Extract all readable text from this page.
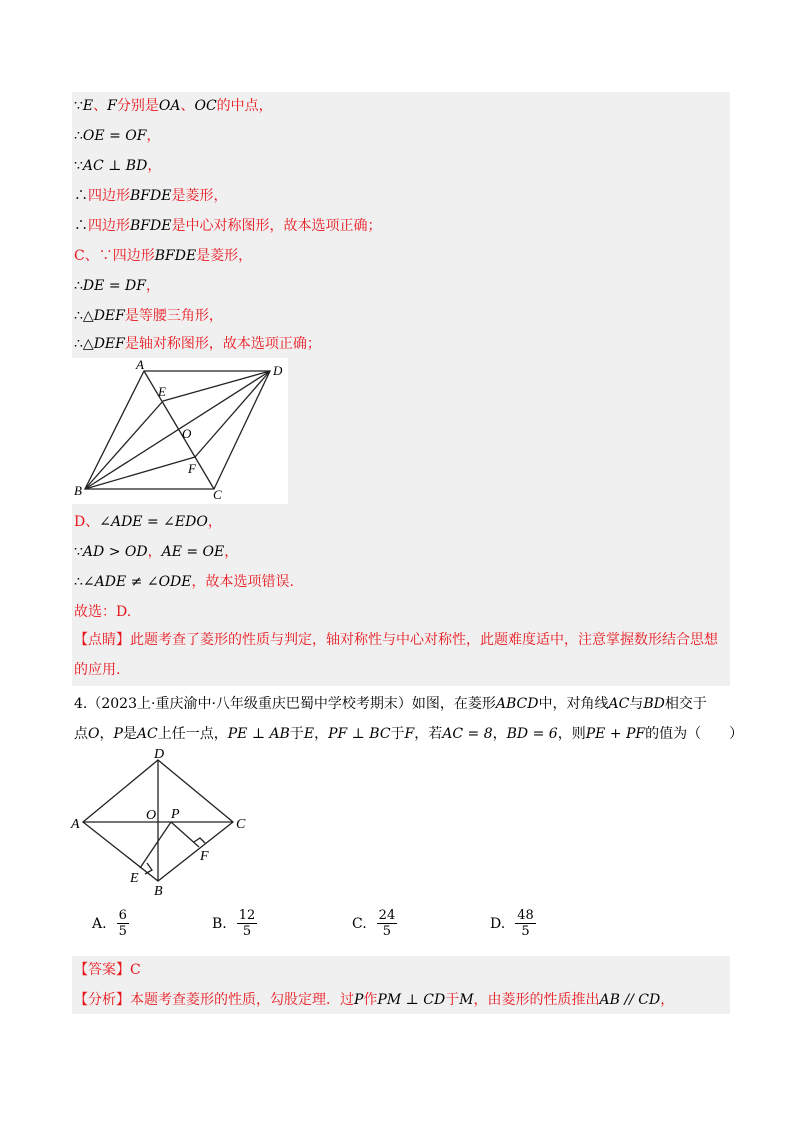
∵E、F分别是OA、OC的中点，
∴OE = OF，
∵AC ⊥ BD，
∴四边形BFDE是菱形，
∴四边形BFDE是中心对称图形，故本选项正确；
C、∵四边形BFDE是菱形，
∴DE = DF，
∴△DEF是等腰三角形，
∴△DEF是轴对称图形，故本选项正确；
A	D
B	C
E
F
O
D、∠ADE = ∠EDO，
∵AD > OD，AE = OE，
∴∠ADE ≠ ∠ODE，故本选项错误.
故选：D.
【点睛】此题考查了菱形的性质与判定，轴对称性与中心对称性，此题难度适中，注意掌握数形结合思想
的应用.
4.（2023上·重庆渝中·八年级重庆巴蜀中学校考期末）如图，在菱形ABCD中，对角线AC与BD相交于
点O，P是AC上任一点，PE ⊥ AB于E，PF ⊥ BC于F，若AC = 8，BD = 6，则PE + PF的值为（　　）
D
A	C
B
O P
E
F
A. $\frac{6}{5}$	B. $\frac{12}{5}$	C. $\frac{24}{5}$	D. $\frac{48}{5}$
【答案】C
【分析】本题考查菱形的性质，勾股定理．过P作PM ⊥ CD于M，由菱形的性质推出AB // CD，
